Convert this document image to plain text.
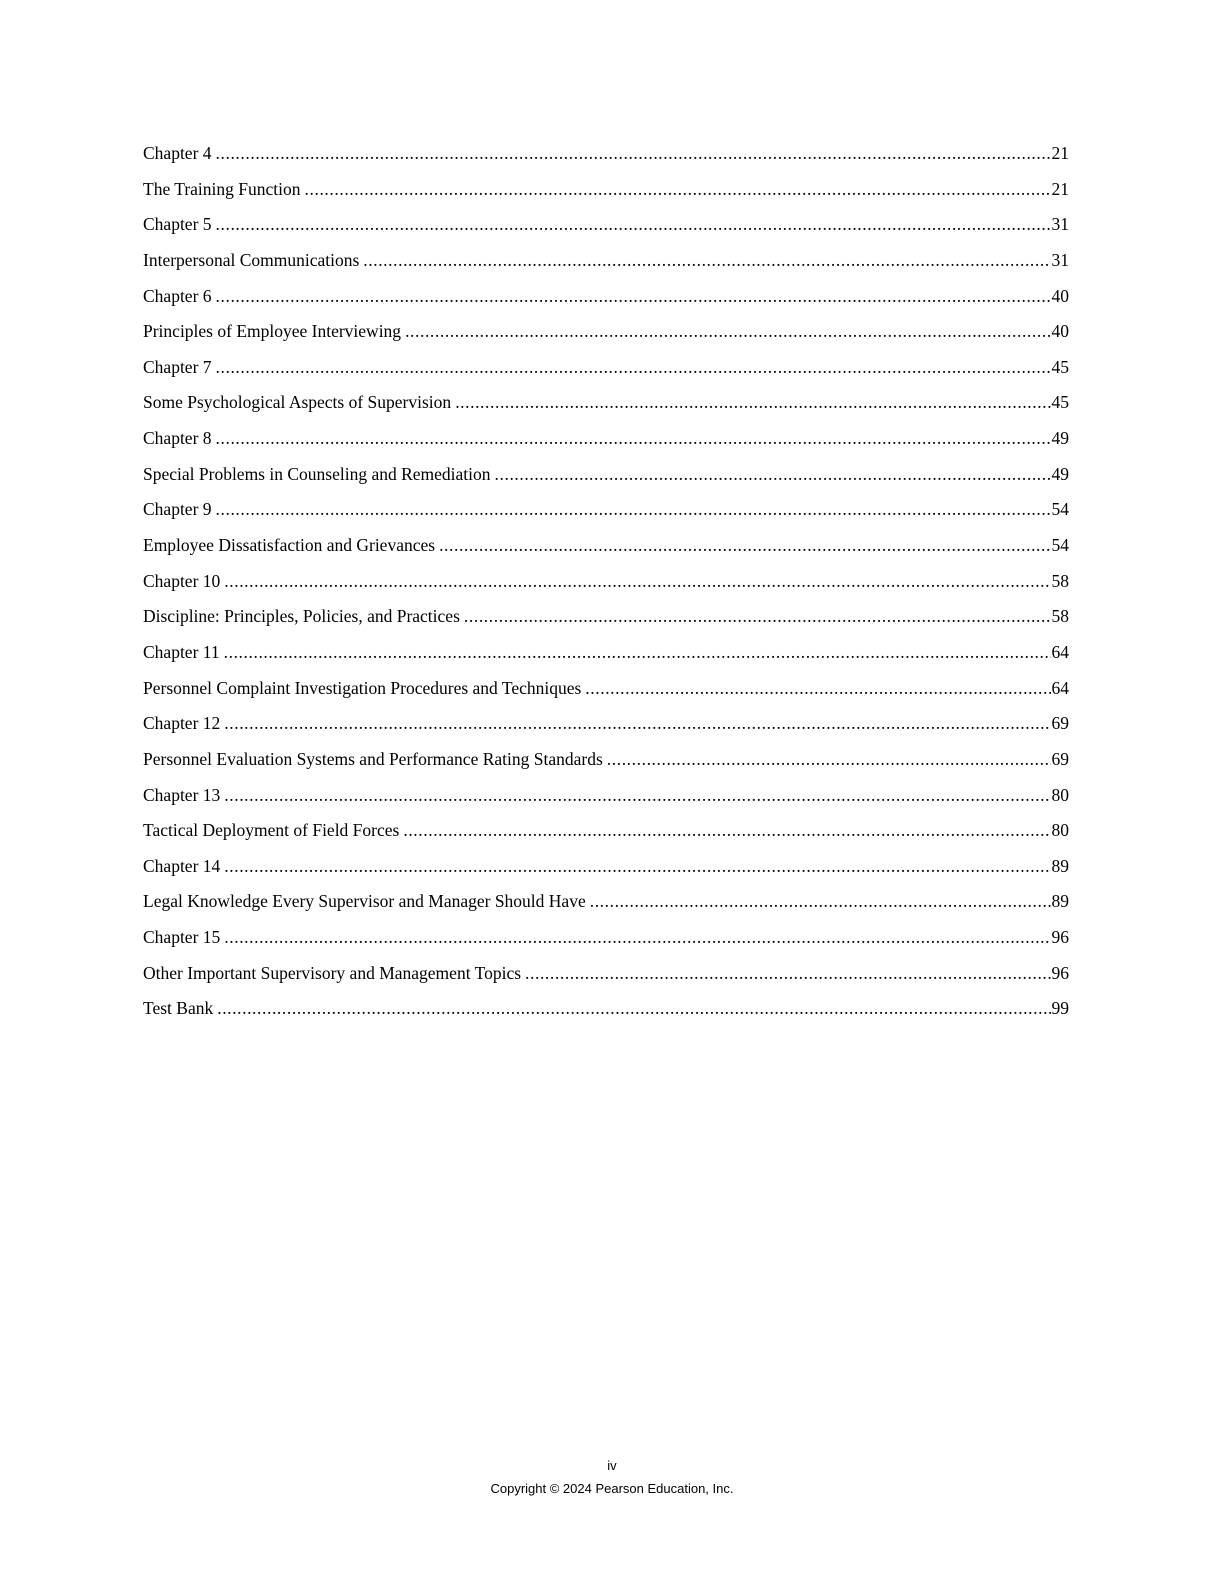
Chapter 4 .....	21
The Training Function .....	21
Chapter 5 .....	31
Interpersonal Communications .....	31
Chapter 6 .....	40
Principles of Employee Interviewing .....	40
Chapter 7 .....	45
Some Psychological Aspects of Supervision .....	45
Chapter 8 .....	49
Special Problems in Counseling and Remediation .....	49
Chapter 9 .....	54
Employee Dissatisfaction and Grievances .....	54
Chapter 10 .....	58
Discipline: Principles, Policies, and Practices .....	58
Chapter 11 .....	64
Personnel Complaint Investigation Procedures and Techniques .....	64
Chapter 12 .....	69
Personnel Evaluation Systems and Performance Rating Standards .....	69
Chapter 13 .....	80
Tactical Deployment of Field Forces .....	80
Chapter 14 .....	89
Legal Knowledge Every Supervisor and Manager Should Have .....	89
Chapter 15 .....	96
Other Important Supervisory and Management Topics .....	96
Test Bank .....	99
iv
Copyright © 2024 Pearson Education, Inc.
